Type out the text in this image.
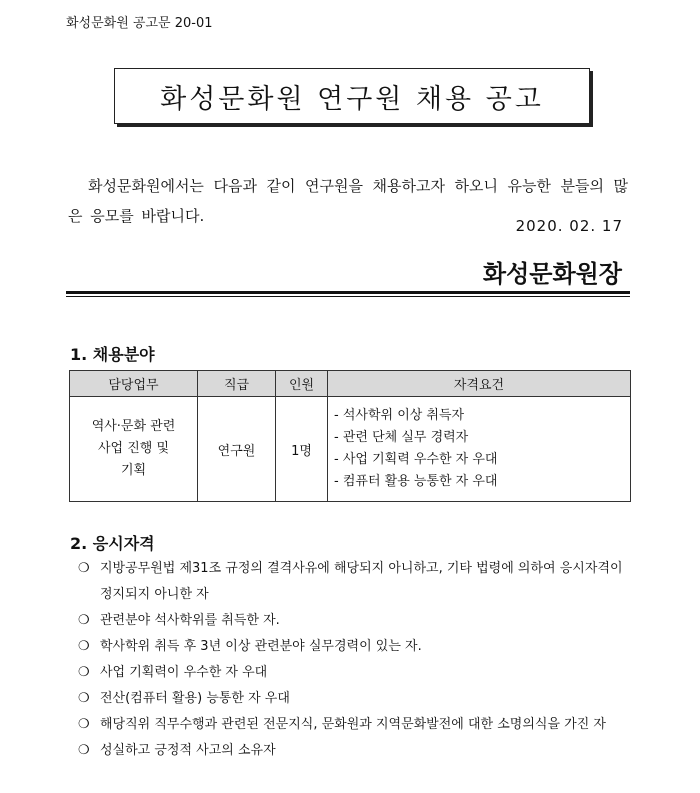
화성문화원 공고문 20-01
화성문화원 연구원 채용 공고

화성문화원에서는 다음과 같이 연구원을 채용하고자 하오니 유능한 분들의 많은 응모를 바랍니다.

2020. 02. 17
화성문화원장
1. 채용분야
담당업무	직급	인원	자격요건

역사·문화 관련
사업 진행 및
기획	연구원	1명	- 석사학위 이상 취득자
- 관련 단체 실무 경력자
- 사업 기획력 우수한 자 우대
- 컴퓨터 활용 능통한 자 우대
2. 응시자격
❍ 지방공무원법 제31조 규정의 결격사유에 해당되지 아니하고, 기타 법령에 의하여 응시자격이 정지되지 아니한 자
❍ 관련분야 석사학위를 취득한 자.
❍ 학사학위 취득 후 3년 이상 관련분야 실무경력이 있는 자.
❍ 사업 기획력이 우수한 자 우대
❍ 전산(컴퓨터 활용) 능통한 자 우대
❍ 해당직위 직무수행과 관련된 전문지식, 문화원과 지역문화발전에 대한 소명의식을 가진 자
❍ 성실하고 긍정적 사고의 소유자
